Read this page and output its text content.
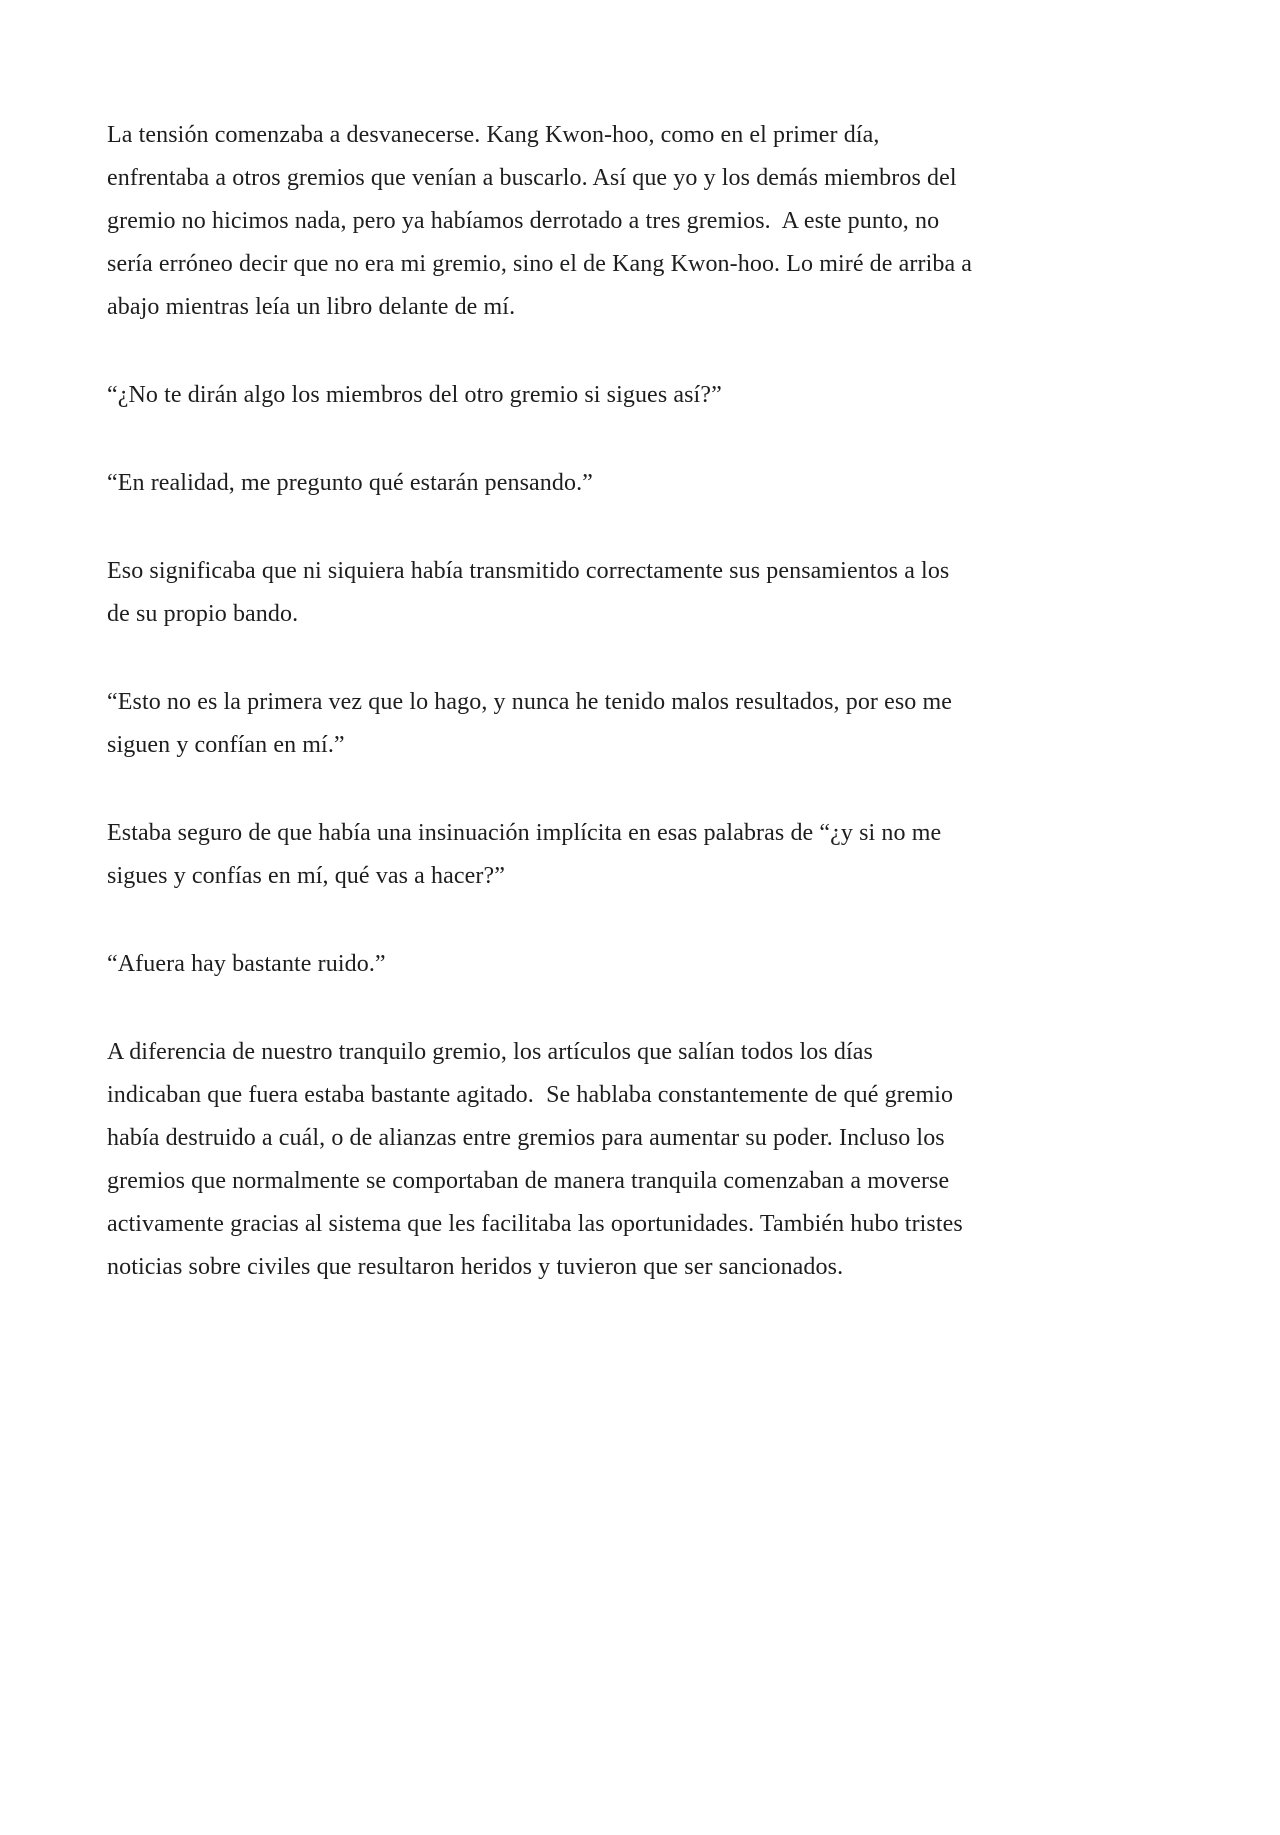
La tensión comenzaba a desvanecerse. Kang Kwon-hoo, como en el primer día,
enfrentaba a otros gremios que venían a buscarlo. Así que yo y los demás miembros del
gremio no hicimos nada, pero ya habíamos derrotado a tres gremios.  A este punto, no
sería erróneo decir que no era mi gremio, sino el de Kang Kwon-hoo. Lo miré de arriba a
abajo mientras leía un libro delante de mí.

“¿No te dirán algo los miembros del otro gremio si sigues así?”

“En realidad, me pregunto qué estarán pensando.”

Eso significaba que ni siquiera había transmitido correctamente sus pensamientos a los
de su propio bando.

“Esto no es la primera vez que lo hago, y nunca he tenido malos resultados, por eso me
siguen y confían en mí.”

Estaba seguro de que había una insinuación implícita en esas palabras de “¿y si no me
sigues y confías en mí, qué vas a hacer?”

“Afuera hay bastante ruido.”

A diferencia de nuestro tranquilo gremio, los artículos que salían todos los días
indicaban que fuera estaba bastante agitado.  Se hablaba constantemente de qué gremio
había destruido a cuál, o de alianzas entre gremios para aumentar su poder. Incluso los
gremios que normalmente se comportaban de manera tranquila comenzaban a moverse
activamente gracias al sistema que les facilitaba las oportunidades. También hubo tristes
noticias sobre civiles que resultaron heridos y tuvieron que ser sancionados.
